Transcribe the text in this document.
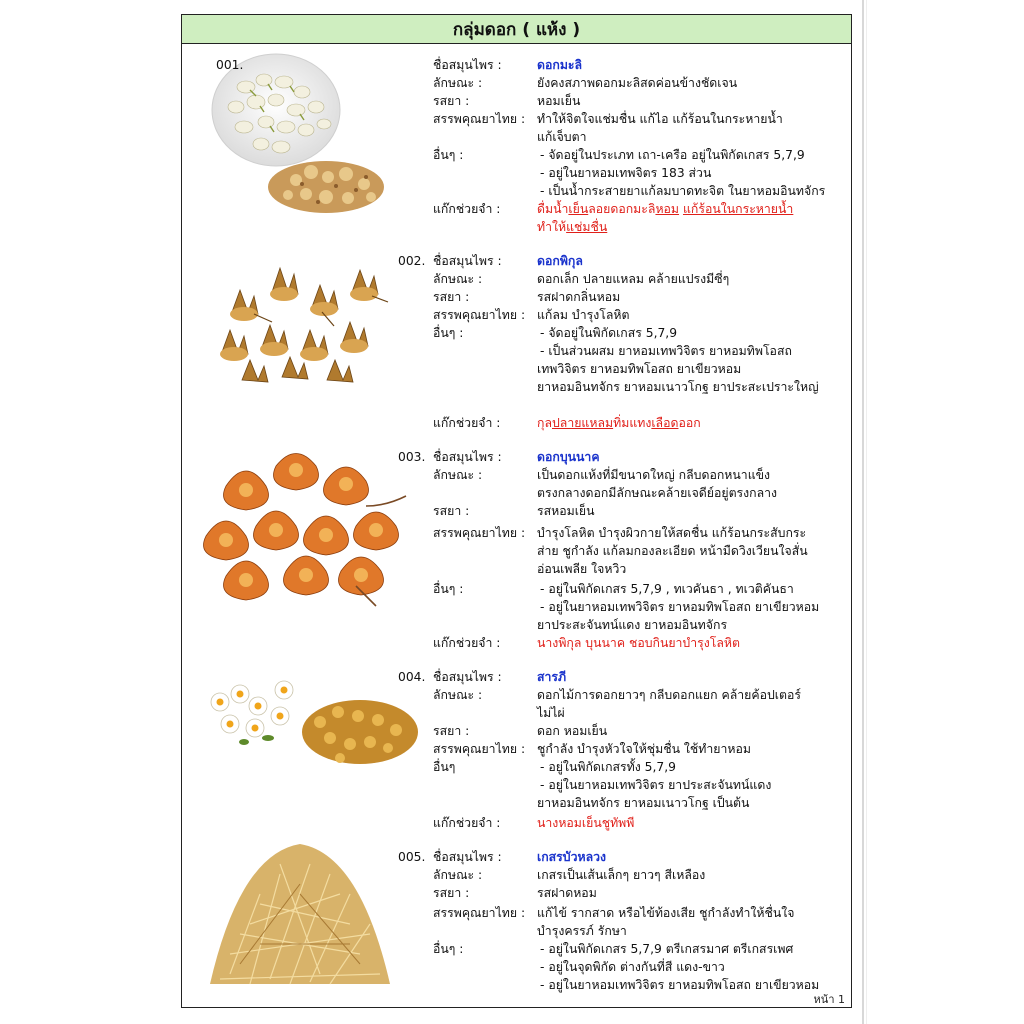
กลุ่มดอก ( แห้ง )
หน้า 1
001.	ชื่อสมุนไพร :	ดอกมะลิ
ลักษณะ :	ยังคงสภาพดอกมะลิสดค่อนข้างชัดเจน
รสยา :	หอมเย็น
สรรพคุณยาไทย : ทำให้จิตใจแช่มชื่น แก้ไอ แก้ร้อนในกระหายน้ำ
แก้เจ็บตา
อื่นๆ :	- จัดอยู่ในประเภท เถา-เครือ อยู่ในพิกัดเกสร 5,7,9
- อยู่ในยาหอมเทพจิตร 183 ส่วน
- เป็นน้ำกระสายยาแก้ลมบาดทะจิต ในยาหอมอินทจักร
แก๊กช่วยจำ :	ดื่มน้ำเย็นลอยดอกมะลิหอม แก้ร้อนในกระหายน้ำ
ทำให้แช่มชื่น
002. ชื่อสมุนไพร :	ดอกพิกุล
ลักษณะ :	ดอกเล็ก ปลายแหลม คล้ายแปรงมีซี่ๆ
รสยา :	รสฝาดกลิ่นหอม
สรรพคุณยาไทย : แก้ลม บำรุงโลหิต
อื่นๆ :	- จัดอยู่ในพิกัดเกสร 5,7,9
- เป็นส่วนผสม ยาหอมเทพวิจิตร ยาหอมทิพโอสถ
เทพวิจิตร ยาหอมทิพโอสถ ยาเขียวหอม
ยาหอมอินทจักร ยาหอมเนาวโกฐ ยาประสะเปราะใหญ่
แก๊กช่วยจำ :	กุลปลายแหลมทิ่มแทงเลือดออก
003. ชื่อสมุนไพร :	ดอกบุนนาค
ลักษณะ :	เป็นดอกแห้งที่มีขนาดใหญ่ กลีบดอกหนาแข็ง
ตรงกลางดอกมีลักษณะคล้ายเจดีย์อยู่ตรงกลาง
รสยา :	รสหอมเย็น
สรรพคุณยาไทย : บำรุงโลหิต บำรุงผิวกายให้สดชื่น แก้ร้อนกระสับกระ
ส่าย ชูกำลัง แก้ลมกองละเอียด หน้ามืดวิงเวียนใจสั่น
อ่อนเพลีย ใจหวิว
อื่นๆ :	- อยู่ในพิกัดเกสร 5,7,9 , ทเวคันธา , ทเวติคันธา
- อยู่ในยาหอมเทพวิจิตร ยาหอมทิพโอสถ ยาเขียวหอม
ยาประสะจันทน์แดง ยาหอมอินทจักร
แก๊กช่วยจำ :	นางพิกุล บุนนาค ชอบกินยาบำรุงโลหิต
004. ชื่อสมุนไพร :	สารภี
ลักษณะ :	ดอกไม้การดอกยาวๆ กลีบดอกแยก คล้ายค้อปเตอร์
ไม่ไผ่
รสยา :	ดอก หอมเย็น
สรรพคุณยาไทย : ชูกำลัง บำรุงหัวใจให้ชุ่มชื่น ใช้ทำยาหอม
อื่นๆ	- อยู่ในพิกัดเกสรทั้ง 5,7,9
- อยู่ในยาหอมเทพวิจิตร ยาประสะจันทน์แดง
ยาหอมอินทจักร ยาหอมเนาวโกฐ เป็นต้น
แก๊กช่วยจำ :	นางหอมเย็นชูทัพพี
005. ชื่อสมุนไพร :	เกสรบัวหลวง
ลักษณะ :	เกสรเป็นเส้นเล็กๆ ยาวๆ สีเหลือง
รสยา :	รสฝาดหอม
สรรพคุณยาไทย : แก้ไข้ รากสาด หรือไข้ท้องเสีย ชูกำลังทำให้ชื่นใจ
บำรุงครรภ์ รักษา
อื่นๆ :	- อยู่ในพิกัดเกสร 5,7,9 ตรีเกสรมาศ ตรีเกสรเพศ
- อยู่ในจุดพิกัด ต่างกันที่สี แดง-ขาว
- อยู่ในยาหอมเทพวิจิตร ยาหอมทิพโอสถ ยาเขียวหอม
